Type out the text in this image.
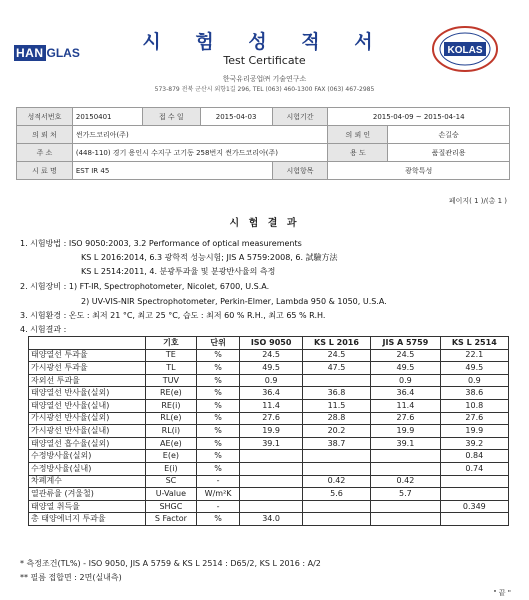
HAN GLAS	시 험 성 적 서
Test Certificate
한국유리공업㈜ 기술연구소
573-879 전북 군산시 외항1길 296, TEL (063) 460-1300 FAX (063) 467-2985
KOLAS
성적서번호	20150401	접 수 일	2015-04-03	시험기간	2015-04-09 ~ 2015-04-14	
의 뢰 처	썬가드코리아(주)				의 뢰 인	손길승
주 소	(448-110) 경기 용인시 수지구 고기동 258번지 썬가드코리아(주)				용 도	품질관리용
시 료 명	EST IR 45			시험항목	광학특성	
페이지( 1 )/(총 1 )
시 험 결 과
1. 시험방법 : ISO 9050:2003, 3.2 Performance of optical measurements
KS L 2016:2014, 6.3 광학적 성능시험; JIS A 5759:2008, 6. 試驗方法
KS L 2514:2011, 4. 분광투과율 및 분광반사율의 측정
2. 시험장비 : 1) FT-IR, Spectrophotometer, Nicolet, 6700, U.S.A.
2) UV-VIS-NIR Spectrophotometer, Perkin-Elmer, Lambda 950 & 1050, U.S.A.
3. 시험환경 : 온도 : 최저 21 °C, 최고 25 °C, 습도 : 최저 60 % R.H., 최고 65 % R.H.
4. 시험결과 :
	기호	단위	ISO 9050	KS L 2016	JIS A 5759	KS L 2514
태양열선 투과율	TE	%	24.5	24.5	24.5	22.1
가시광선 투과율	TL	%	49.5	47.5	49.5	49.5
자외선 투과율	TUV	%	0.9		0.9	0.9
태양열선 반사율(실외)	RE(e)	%	36.4	36.8	36.4	38.6
태양열선 반사율(실내)	RE(i)	%	11.4	11.5	11.4	10.8
가시광선 반사율(실외)	RL(e)	%	27.6	28.8	27.6	27.6
가시광선 반사율(실내)	RL(i)	%	19.9	20.2	19.9	19.9
태양열선 흡수율(실외)	AE(e)	%	39.1	38.7	39.1	39.2
수정방사율(실외)	E(e)	%				0.84
수정방사율(실내)	E(i)	%				0.74
차폐계수	SC	-		0.42	0.42	
열관류율 (겨울철)	U-Value	W/m²K		5.6	5.7	
태양열 취득율	SHGC	-				0.349
총 태양에너지 투과율	S Factor	%	34.0			
* 측정조건(TL%) - ISO 9050, JIS A 5759 & KS L 2514 : D65/2, KS L 2016 : A/2
** 필름 접합면 : 2면(실내측)
" 끝 "
